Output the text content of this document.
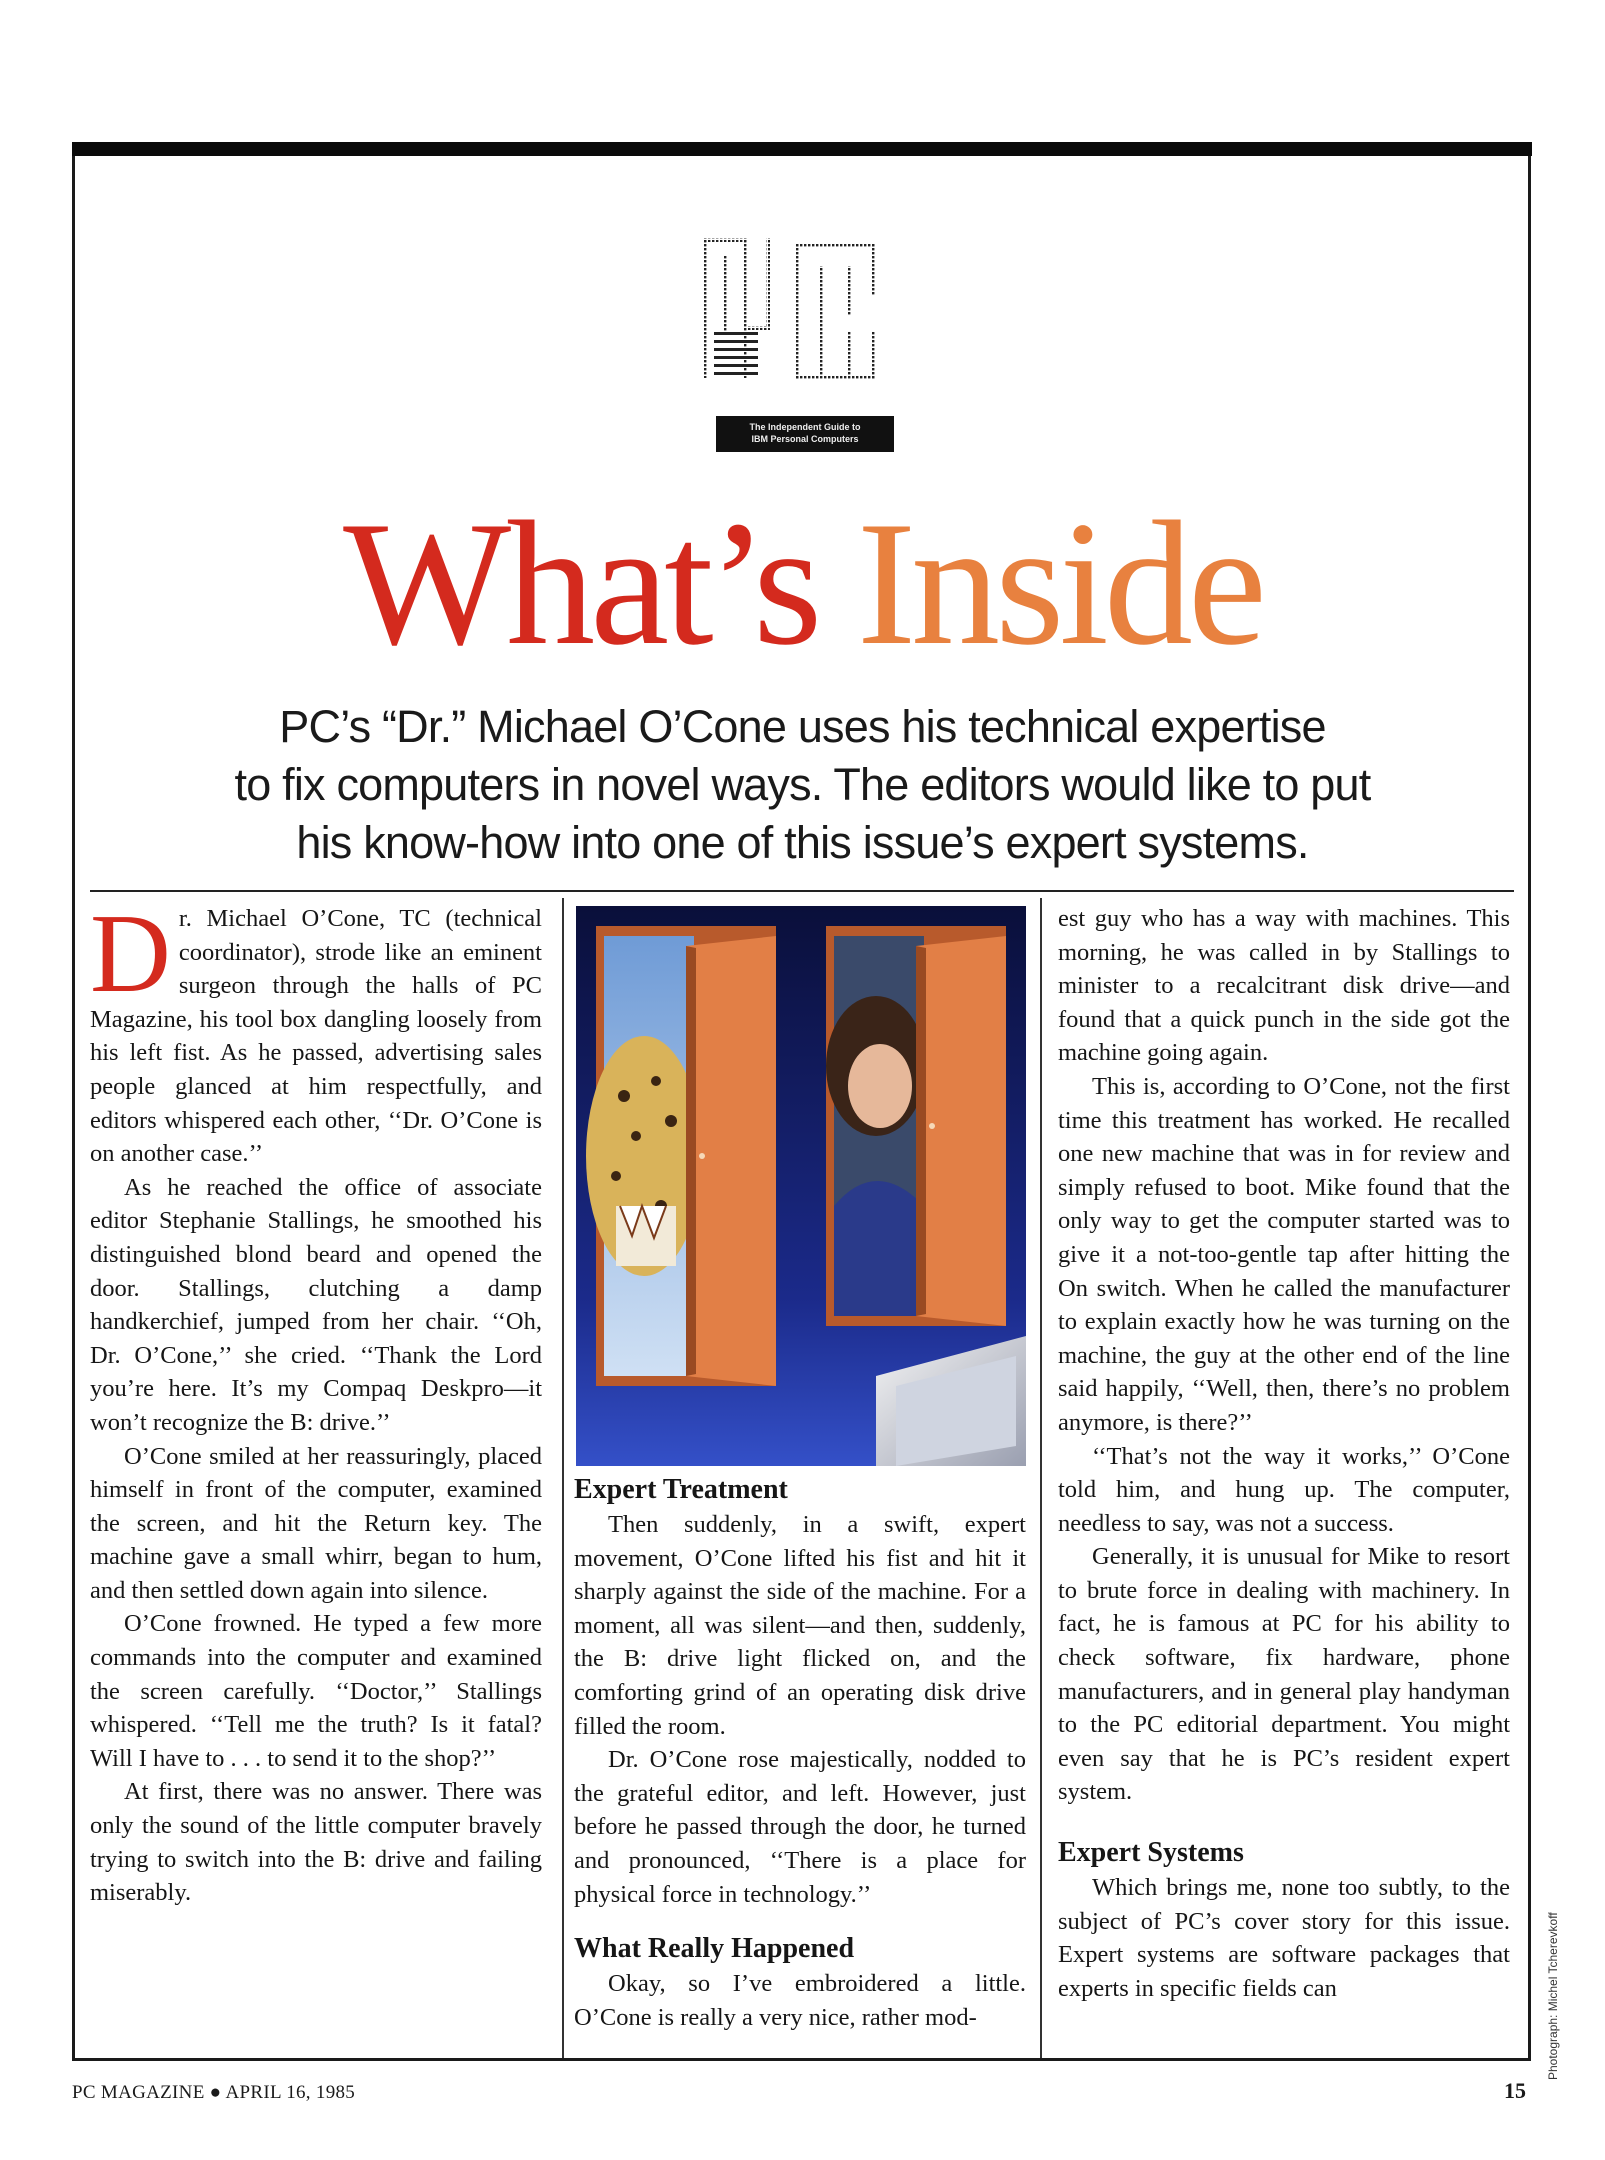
The Independent Guide to
IBM Personal Computers
What’s Inside
PC’s “Dr.” Michael O’Cone uses his technical expertise
to fix computers in novel ways. The editors would like to put
his know-how into one of this issue’s expert systems.

Dr. Michael O’Cone, TC (technical coordinator), strode like an eminent surgeon through the halls of PC Magazine, his tool box dangling loosely from his left fist. As he passed, advertising sales people glanced at him respectfully, and editors whispered each other, ‘‘Dr. O’Cone is on another case.’’

As he reached the office of associate editor Stephanie Stallings, he smoothed his distinguished blond beard and opened the door. Stallings, clutching a damp handkerchief, jumped from her chair. ‘‘Oh, Dr. O’Cone,’’ she cried. ‘‘Thank the Lord you’re here. It’s my Compaq Deskpro—it won’t recognize the B: drive.’’

O’Cone smiled at her reassuringly, placed himself in front of the computer, examined the screen, and hit the Return key. The machine gave a small whirr, began to hum, and then settled down again into silence.

O’Cone frowned. He typed a few more commands into the computer and examined the screen carefully. ‘‘Doctor,’’ Stallings whispered. ‘‘Tell me the truth? Is it fatal? Will I have to . . . to send it to the shop?’’

At first, there was no answer. There was only the sound of the little computer bravely trying to switch into the B: drive and failing miserably.

Expert Treatment

Then suddenly, in a swift, expert movement, O’Cone lifted his fist and hit it sharply against the side of the machine. For a moment, all was silent—and then, suddenly, the B: drive light flicked on, and the comforting grind of an operating disk drive filled the room.

Dr. O’Cone rose majestically, nodded to the grateful editor, and left. However, just before he passed through the door, he turned and pronounced, ‘‘There is a place for physical force in technology.’’

What Really Happened

Okay, so I’ve embroidered a little. O’Cone is really a very nice, rather mod-

est guy who has a way with machines. This morning, he was called in by Stallings to minister to a recalcitrant disk drive—and found that a quick punch in the side got the machine going again.

This is, according to O’Cone, not the first time this treatment has worked. He recalled one new machine that was in for review and simply refused to boot. Mike found that the only way to get the computer started was to give it a not-too-gentle tap after hitting the On switch. When he called the manufacturer to explain exactly how he was turning on the machine, the guy at the other end of the line said happily, ‘‘Well, then, there’s no problem anymore, is there?’’

‘‘That’s not the way it works,’’ O’Cone told him, and hung up. The computer, needless to say, was not a success.

Generally, it is unusual for Mike to resort to brute force in dealing with machinery. In fact, he is famous at PC for his ability to check software, fix hardware, phone manufacturers, and in general play handyman to the PC editorial department. You might even say that he is PC’s resident expert system.

Expert Systems

Which brings me, none too subtly, to the subject of PC’s cover story for this issue. Expert systems are software packages that experts in specific fields can	Photograph: Michel Tcherevkoff
PC MAGAZINE ● APRIL 16, 1985	15
